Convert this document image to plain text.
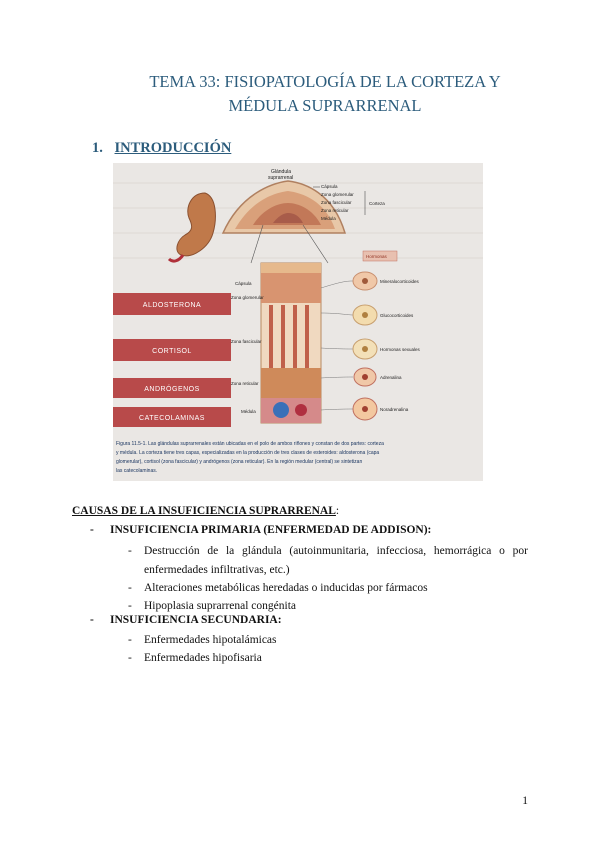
TEMA 33: FISIOPATOLOGÍA DE LA CORTEZA Y
MÉDULA SUPRARRENAL
1. INTRODUCCIÓN
Glándula
suprarrenal
Cápsula
Zona glomerular
Zona fascicular
Zona reticular
Médula
Corteza
Cápsula
Zona glomerular
Zona fascicular
Zona reticular
Médula
ALDOSTERONA
CORTISOL
ANDRÓGENOS
CATECOLAMINAS
Hormonas
Mineralocorticoides
Glucocorticoides
Hormonas sexuales
Adrenalina
Noradrenalina
Figura 11.5-1. Las glándulas suprarrenales están ubicadas en el polo de ambos riñones y constan de dos partes: corteza
y médula. La corteza tiene tres capas, especializadas en la producción de tres clases de esteroides: aldosterona (capa
glomerular), cortisol (zona fascicular) y andrógenos (zona reticular). En la región medular (central) se sintetizan
las catecolaminas.
CAUSAS DE LA INSUFICIENCIA SUPRARRENAL:
- INSUFICIENCIA PRIMARIA (ENFERMEDAD DE ADDISON):
- Destrucción de la glándula (autoinmunitaria, infecciosa, hemorrágica o por enfermedades infiltrativas, etc.)
- Alteraciones metabólicas heredadas o inducidas por fármacos
- Hipoplasia suprarrenal congénita
- INSUFICIENCIA SECUNDARIA:
- Enfermedades hipotalámicas
- Enfermedades hipofisaria
1
